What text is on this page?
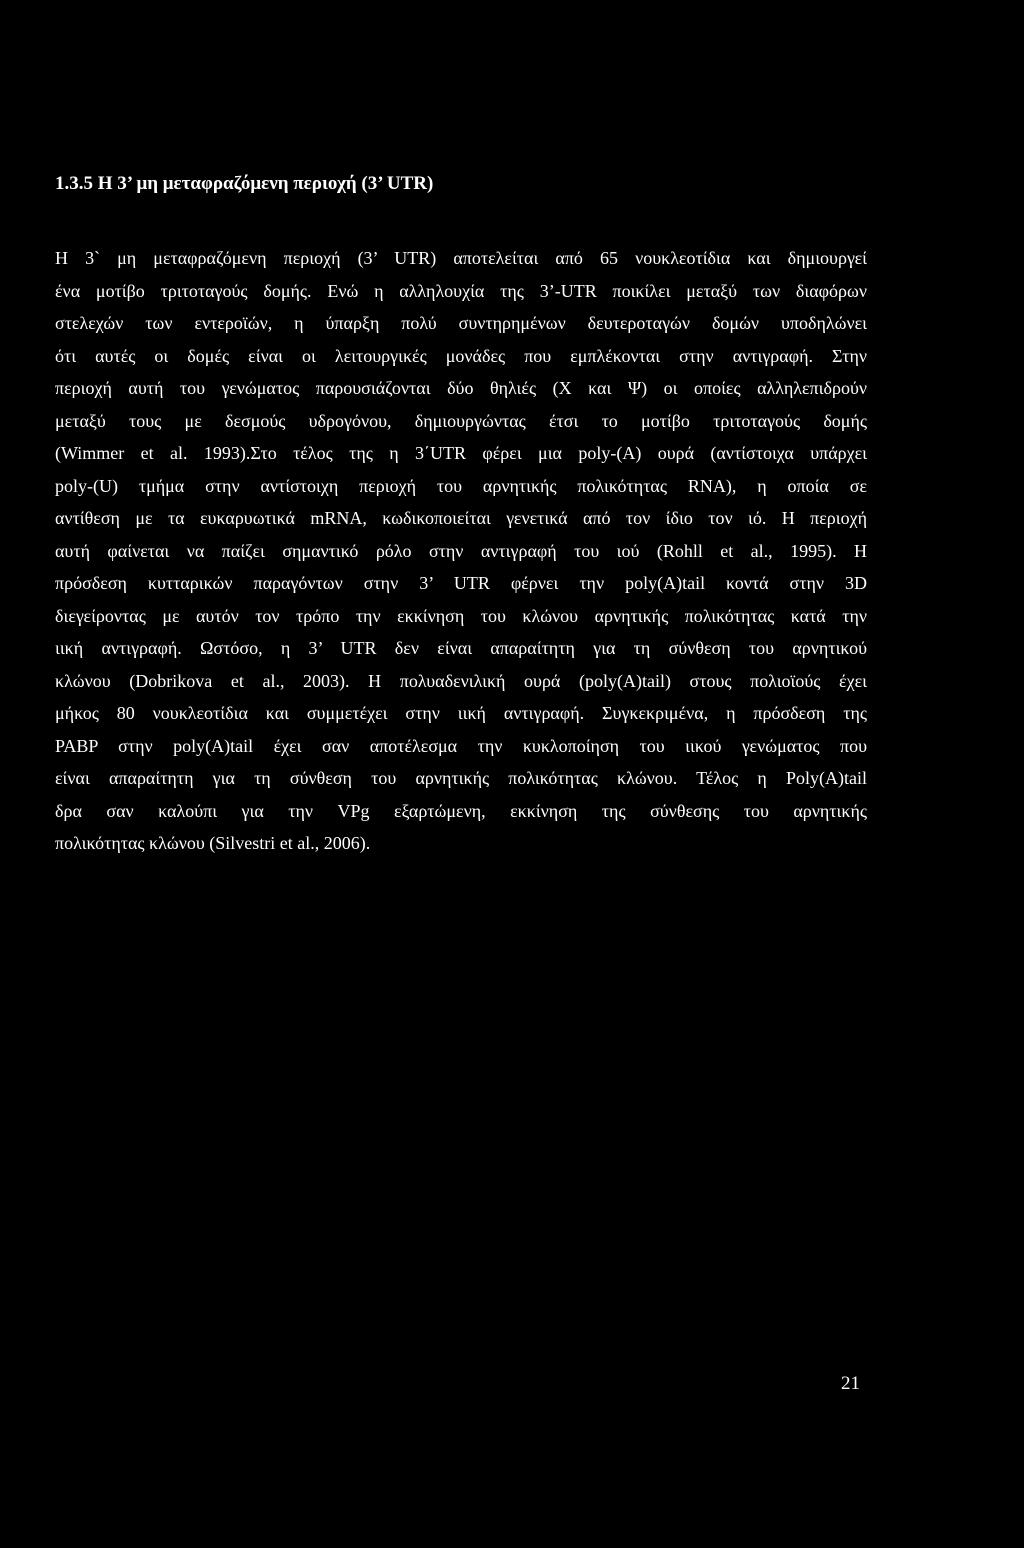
1.3.5 Η 3’ μη μεταφραζόμενη περιοχή (3’ UTR)
Η 3` μη μεταφραζόμενη περιοχή (3’ UTR) αποτελείται από 65 νουκλεοτίδια και δημιουργεί
ένα μοτίβο τριτοταγούς δομής. Ενώ η αλληλουχία της 3’-UTR ποικίλει μεταξύ των διαφόρων
στελεχών των εντεροϊών, η ύπαρξη πολύ συντηρημένων δευτεροταγών δομών υποδηλώνει
ότι αυτές οι δομές είναι οι λειτουργικές μονάδες που εμπλέκονται στην αντιγραφή. Στην
περιοχή αυτή του γενώματος παρουσιάζονται δύο θηλιές (Χ και Ψ) οι οποίες αλληλεπιδρούν
μεταξύ τους με δεσμούς υδρογόνου, δημιουργώντας έτσι το μοτίβο τριτοταγούς δομής
(Wimmer et al. 1993).Στο τέλος της η 3΄UTR φέρει μια poly-(A) ουρά (αντίστοιχα υπάρχει
poly-(U) τμήμα στην αντίστοιχη περιοχή του αρνητικής πολικότητας RNA), η οποία σε
αντίθεση με τα ευκαρυωτικά mRNA, κωδικοποιείται γενετικά από τον ίδιο τον ιό. Η περιοχή
αυτή φαίνεται να παίζει σημαντικό ρόλο στην αντιγραφή του ιού (Rohll et al., 1995). Η
πρόσδεση κυτταρικών παραγόντων στην 3’ UTR φέρνει την poly(A)tail κοντά στην 3D
διεγείροντας με αυτόν τον τρόπο την εκκίνηση του κλώνου αρνητικής πολικότητας κατά την
ιική αντιγραφή. Ωστόσο, η 3’ UTR δεν είναι απαραίτητη για τη σύνθεση του αρνητικού
κλώνου (Dobrikova et al., 2003). Η πολυαδενιλική ουρά (poly(A)tail) στους πολιοϊούς έχει
μήκος 80 νουκλεοτίδια και συμμετέχει στην ιική αντιγραφή. Συγκεκριμένα, η πρόσδεση της
PABP στην poly(A)tail έχει σαν αποτέλεσμα την κυκλοποίηση του ιικού γενώματος που
είναι απαραίτητη για τη σύνθεση του αρνητικής πολικότητας κλώνου. Τέλος η Poly(A)tail
δρα σαν καλούπι για την VPg εξαρτώμενη, εκκίνηση της σύνθεσης του αρνητικής
πολικότητας κλώνου (Silvestri et al., 2006).
21
